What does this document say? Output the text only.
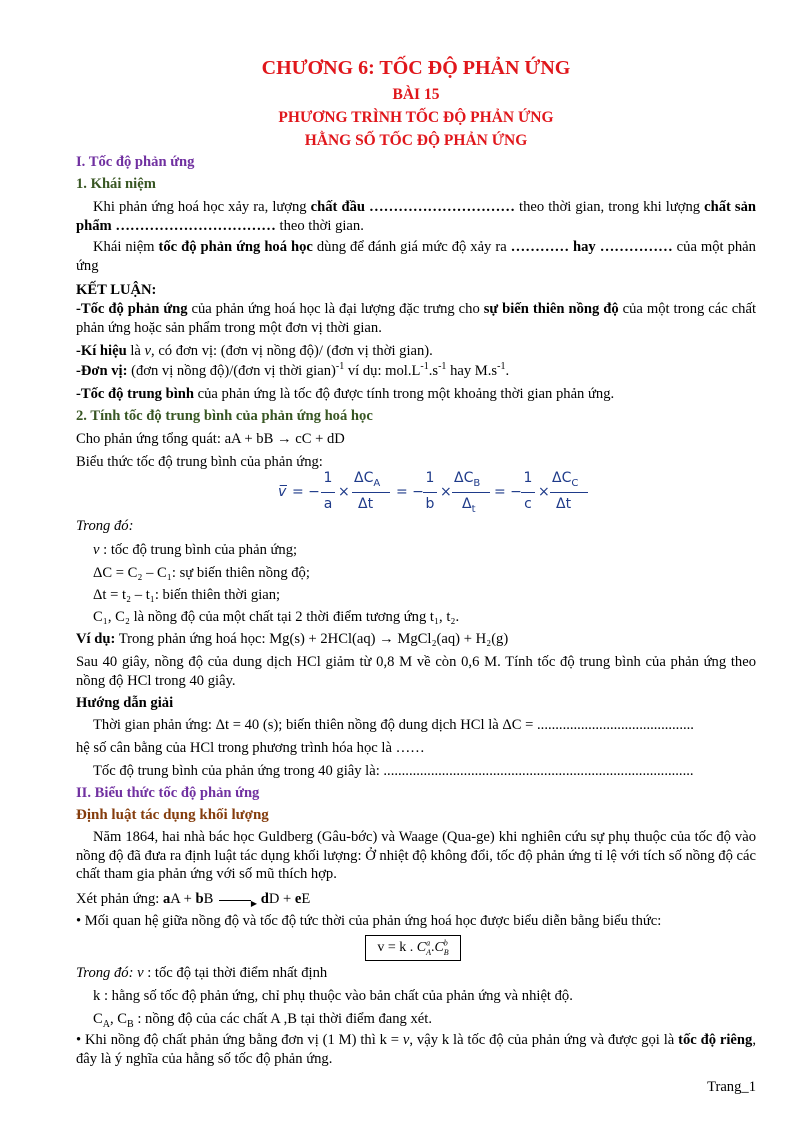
CHƯƠNG 6: TỐC ĐỘ PHẢN ỨNG
BÀI 15
PHƯƠNG TRÌNH TỐC ĐỘ PHẢN ỨNG
HẰNG SỐ TỐC ĐỘ PHẢN ỨNG
I. Tốc độ phản ứng
1. Khái niệm
Khi phản ứng hoá học xảy ra, lượng chất đầu ………………………… theo thời gian, trong khi lượng chất sản phẩm …………………………… theo thời gian.
Khái niệm tốc độ phản ứng hoá học dùng để đánh giá mức độ xảy ra ………… hay …………… của một phản ứng
KẾT LUẬN:
-Tốc độ phản ứng của phản ứng hoá học là đại lượng đặc trưng cho sự biến thiên nồng độ của một trong các chất phản ứng hoặc sản phẩm trong một đơn vị thời gian.
-Kí hiệu là v, có đơn vị: (đơn vị nồng độ)/ (đơn vị thời gian).
-Đơn vị: (đơn vị nồng độ)/(đơn vị thời gian)$^{-1}$ ví dụ: $mol.L^{-1}.s^{-1}$ hay $M.s^{-1}$.
-Tốc độ trung bình của phản ứng là tốc độ được tính trong một khoảng thời gian phản ứng.
2. Tính tốc độ trung bình của phản ứng hoá học
Cho phản ứng tổng quát: aA + bB → cC + dD
Biểu thức tốc độ trung bình của phản ứng:
v̅ = −
1
a
×
$\Delta C_A$
Δt
= −
1
b
×
$\Delta C_B$
$\Delta_t$
= −
1
c
×
$\Delta C_C$
Δt
Trong đó:
v : tốc độ trung bình của phản ứng;
ΔC = C₂ – C₁: sự biến thiên nồng độ;
Δt = t₂ – t₁: biến thiên thời gian;
C₁, C₂ là nồng độ của một chất tại 2 thời điểm tương ứng t₁, t₂.
Ví dụ: Trong phản ứng hoá học: Mg(s) + 2HCl(aq) → MgCl₂(aq) + H₂(g)
Sau 40 giây, nồng độ của dung dịch HCl giảm từ 0,8 M về còn 0,6 M. Tính tốc độ trung bình của phản ứng theo nồng độ HCl trong 40 giây.
Hướng dẫn giải
Thời gian phản ứng: Δt = 40 (s); biến thiên nồng độ dung dịch HCl là ΔC = ...........................................
hệ số cân bằng của HCl trong phương trình hóa học là ……
Tốc độ trung bình của phản ứng trong 40 giây là: .....................................................................................
II. Biểu thức tốc độ phản ứng
Định luật tác dụng khối lượng
Năm 1864, hai nhà bác học Guldberg (Gâu-bớc) và Waage (Qua-ge) khi nghiên cứu sự phụ thuộc của tốc độ vào nồng độ đã đưa ra định luật tác dụng khối lượng: Ở nhiệt độ không đổi, tốc độ phản ứng tỉ lệ với tích số nồng độ các chất tham gia phản ứng với số mũ thích hợp.
Xét phản ứng: aA + bB	dD + eE
• Mối quan hệ giữa nồng độ và tốc độ tức thời của phản ứng hoá học được biểu diễn bằng biểu thức:
v = k . $C^a_A.C^b_B$
Trong đó: v : tốc độ tại thời điểm nhất định
k : hằng số tốc độ phản ứng, chỉ phụ thuộc vào bản chất của phản ứng và nhiệt độ.
$C_A$, $C_B$ : nồng độ của các chất A ,B tại thời điểm đang xét.
• Khi nồng độ chất phản ứng bằng đơn vị (1 M) thì k = v, vậy k là tốc độ của phản ứng và được gọi là tốc độ riêng, đây là ý nghĩa của hằng số tốc độ phản ứng.
Trang_1
